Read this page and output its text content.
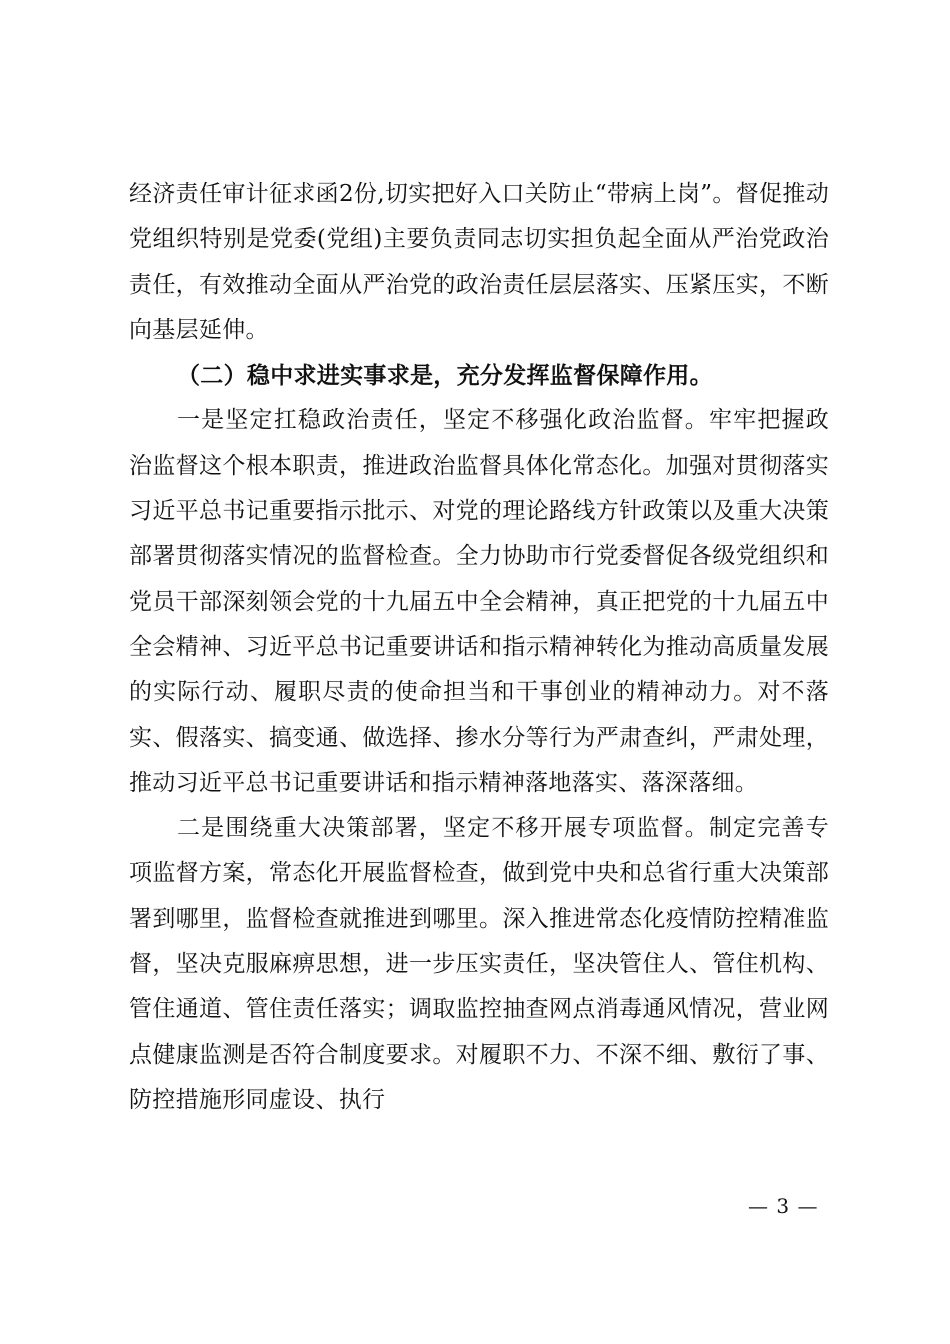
经济责任审计征求函2份,切实把好入口关防止“带病上岗”。督促推动党组织特别是党委(党组)主要负责同志切实担负起全面从严治党政治责任，有效推动全面从严治党的政治责任层层落实、压紧压实，不断向基层延伸。

（二）稳中求进实事求是，充分发挥监督保障作用。

一是坚定扛稳政治责任，坚定不移强化政治监督。牢牢把握政治监督这个根本职责，推进政治监督具体化常态化。加强对贯彻落实习近平总书记重要指示批示、对党的理论路线方针政策以及重大决策部署贯彻落实情况的监督检查。全力协助市行党委督促各级党组织和党员干部深刻领会党的十九届五中全会精神，真正把党的十九届五中全会精神、习近平总书记重要讲话和指示精神转化为推动高质量发展的实际行动、履职尽责的使命担当和干事创业的精神动力。对不落实、假落实、搞变通、做选择、掺水分等行为严肃查纠，严肃处理，推动习近平总书记重要讲话和指示精神落地落实、落深落细。

二是围绕重大决策部署，坚定不移开展专项监督。制定完善专项监督方案，常态化开展监督检查，做到党中央和总省行重大决策部署到哪里，监督检查就推进到哪里。深入推进常态化疫情防控精准监督，坚决克服麻痹思想，进一步压实责任，坚决管住人、管住机构、管住通道、管住责任落实；调取监控抽查网点消毒通风情况，营业网点健康监测是否符合制度要求。对履职不力、不深不细、敷衍了事、防控措施形同虚设、执行

— 3 —
